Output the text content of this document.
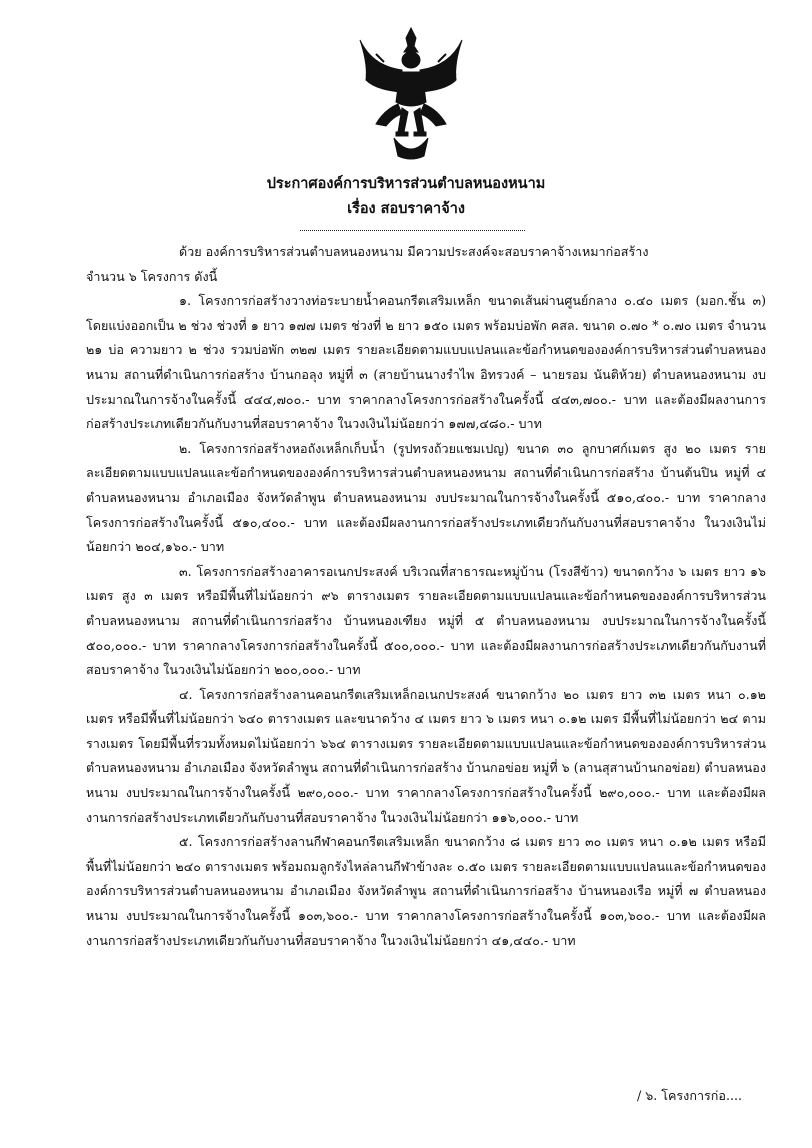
ประกาศองค์การบริหารส่วนตำบลหนองหนาม
เรื่อง สอบราคาจ้าง

ด้วย องค์การบริหารส่วนตำบลหนองหนาม มีความประสงค์จะสอบราคาจ้างเหมาก่อสร้าง

จำนวน ๖ โครงการ ดังนี้

๑. โครงการก่อสร้างวางท่อระบายน้ำคอนกรีตเสริมเหล็ก ขนาดเส้นผ่านศูนย์กลาง ๐.๔๐ เมตร (มอก.ชั้น ๓) โดยแบ่งออกเป็น ๒ ช่วง ช่วงที่ ๑ ยาว ๑๗๗ เมตร ช่วงที่ ๒ ยาว ๑๕๐ เมตร พร้อมบ่อพัก คสล. ขนาด ๐.๗๐ * ๐.๗๐ เมตร จำนวน ๒๑ บ่อ ความยาว ๒ ช่วง รวมบ่อพัก ๓๒๗ เมตร รายละเอียดตามแบบแปลนและข้อกำหนดขององค์การบริหารส่วนตำบลหนองหนาม สถานที่ดำเนินการก่อสร้าง บ้านกอลุง หมู่ที่ ๓ (สายบ้านนางรำไพ อิทรวงค์ – นายรอม นันติห้วย) ตำบลหนองหนาม งบประมาณในการจ้างในครั้งนี้ ๔๔๔,๗๐๐.- บาท ราคากลางโครงการก่อสร้างในครั้งนี้ ๔๔๓,๗๐๐.- บาท และต้องมีผลงานการก่อสร้างประเภทเดียวกันกับงานที่สอบราคาจ้าง ในวงเงินไม่น้อยกว่า ๑๗๗,๔๘๐.- บาท

๒. โครงการก่อสร้างหอถังเหล็กเก็บน้ำ (รูปทรงถ้วยแชมเปญ) ขนาด ๓๐ ลูกบาศก์เมตร สูง ๒๐ เมตร รายละเอียดตามแบบแปลนและข้อกำหนดขององค์การบริหารส่วนตำบลหนองหนาม สถานที่ดำเนินการก่อสร้าง บ้านต้นปิน หมู่ที่ ๔ ตำบลหนองหนาม อำเภอเมือง จังหวัดลำพูน ตำบลหนองหนาม งบประมาณในการจ้างในครั้งนี้ ๕๑๐,๔๐๐.- บาท ราคากลางโครงการก่อสร้างในครั้งนี้ ๕๑๐,๔๐๐.- บาท และต้องมีผลงานการก่อสร้างประเภทเดียวกันกับงานที่สอบราคาจ้าง ในวงเงินไม่น้อยกว่า ๒๐๔,๑๖๐.- บาท

๓. โครงการก่อสร้างอาคารอเนกประสงค์ บริเวณที่สาธารณะหมู่บ้าน (โรงสีข้าว) ขนาดกว้าง ๖ เมตร ยาว ๑๖ เมตร สูง ๓ เมตร หรือมีพื้นที่ไม่น้อยกว่า ๙๖ ตารางเมตร รายละเอียดตามแบบแปลนและข้อกำหนดขององค์การบริหารส่วนตำบลหนองหนาม สถานที่ดำเนินการก่อสร้าง บ้านหนองเฑียง หมู่ที่ ๕ ตำบลหนองหนาม งบประมาณในการจ้างในครั้งนี้ ๕๐๐,๐๐๐.- บาท ราคากลางโครงการก่อสร้างในครั้งนี้ ๕๐๐,๐๐๐.- บาท และต้องมีผลงานการก่อสร้างประเภทเดียวกันกับงานที่สอบราคาจ้าง ในวงเงินไม่น้อยกว่า ๒๐๐,๐๐๐.- บาท

๔. โครงการก่อสร้างลานคอนกรีตเสริมเหล็กอเนกประสงค์ ขนาดกว้าง ๒๐ เมตร ยาว ๓๒ เมตร หนา ๐.๑๒ เมตร หรือมีพื้นที่ไม่น้อยกว่า ๖๔๐ ตารางเมตร และขนาดว้าง ๔ เมตร ยาว ๖ เมตร หนา ๐.๑๒ เมตร มีพื้นที่ไม่น้อยกว่า ๒๔ ตามรางเมตร โดยมีพื้นที่รวมทั้งหมดไม่น้อยกว่า ๖๖๔ ตารางเมตร รายละเอียดตามแบบแปลนและข้อกำหนดขององค์การบริหารส่วนตำบลหนองหนาม อำเภอเมือง จังหวัดลำพูน สถานที่ดำเนินการก่อสร้าง บ้านกอข่อย หมู่ที่ ๖ (ลานสุสานบ้านกอข่อย) ตำบลหนองหนาม งบประมาณในการจ้างในครั้งนี้ ๒๙๐,๐๐๐.- บาท ราคากลางโครงการก่อสร้างในครั้งนี้ ๒๙๐,๐๐๐.- บาท และต้องมีผลงานการก่อสร้างประเภทเดียวกันกับงานที่สอบราคาจ้าง ในวงเงินไม่น้อยกว่า ๑๑๖,๐๐๐.- บาท

๕. โครงการก่อสร้างลานกีฬาคอนกรีตเสริมเหล็ก ขนาดกว้าง ๘ เมตร ยาว ๓๐ เมตร หนา ๐.๑๒ เมตร หรือมีพื้นที่ไม่น้อยกว่า ๒๔๐ ตารางเมตร พร้อมถมลูกรังไหล่ลานกีฬาข้างละ ๐.๕๐ เมตร รายละเอียดตามแบบแปลนและข้อกำหนดขององค์การบริหารส่วนตำบลหนองหนาม อำเภอเมือง จังหวัดลำพูน สถานที่ดำเนินการก่อสร้าง บ้านหนองเรือ หมู่ที่ ๗ ตำบลหนองหนาม งบประมาณในการจ้างในครั้งนี้ ๑๐๓,๖๐๐.- บาท ราคากลางโครงการก่อสร้างในครั้งนี้ ๑๐๓,๖๐๐.- บาท และต้องมีผลงานการก่อสร้างประเภทเดียวกันกับงานที่สอบราคาจ้าง ในวงเงินไม่น้อยกว่า ๔๑,๔๔๐.- บาท

/ ๖. โครงการก่อ....
